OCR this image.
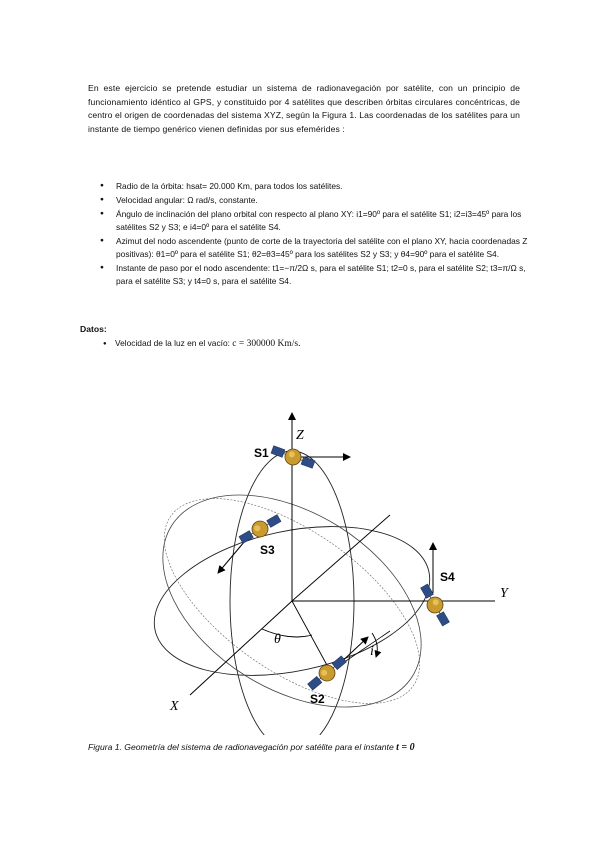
En este ejercicio se pretende estudiar un sistema de radionavegación por satélite, con un principio de funcionamiento idéntico al GPS, y constituido por 4 satélites que describen órbitas circulares concéntricas, de centro el origen de coordenadas del sistema XYZ, según la Figura 1. Las coordenadas de los satélites para un instante de tiempo genérico vienen definidas por sus efemérides :

● Radio de la órbita: hsat= 20.000 Km, para todos los satélites.
● Velocidad angular: Ω rad/s, constante.
● Ángulo de inclinación del plano orbital con respecto al plano XY: i1=90º para el satélite S1; i2=i3=45º para los satélites S2 y S3; e i4=0º para el satélite S4.
● Azimut del nodo ascendente (punto de corte de la trayectoria del satélite con el plano XY, hacia coordenadas Z positivas): θ1=0º para el satélite S1; θ2=θ3=45º para los satélites S2 y S3; y θ4=90º para el satélite S4.
● Instante de paso por el nodo ascendente: t1=−π/2Ω s, para el satélite S1; t2=0 s, para el satélite S2; t3=π/Ω s, para el satélite S3; y t4=0 s, para el satélite S4.
Datos:
● Velocidad de la luz en el vacío: c = 300000 Km/s.
Z
Y
X
θ
i
S1
S3
S4
S2
Figura 1. Geometría del sistema de radionavegación por satélite para el instante t = 0
